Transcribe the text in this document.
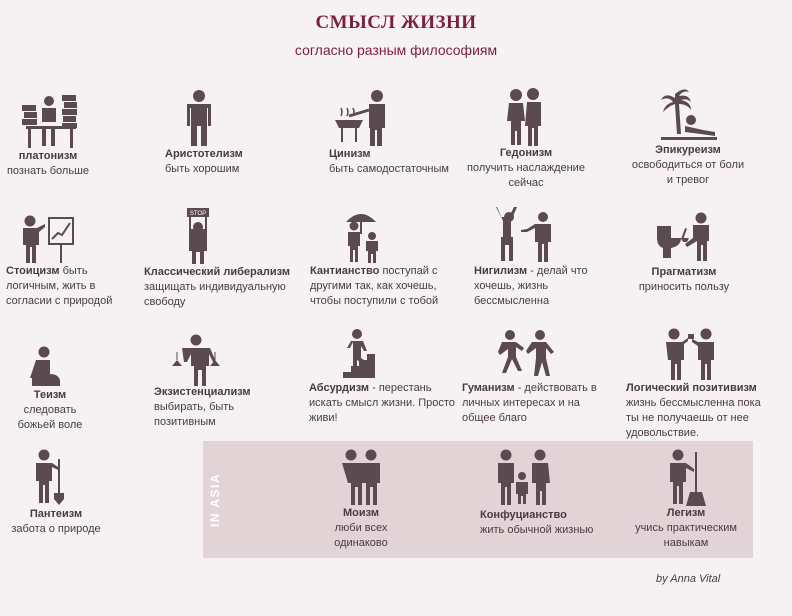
СМЫСЛ ЖИЗНИ
согласно разным философиям
IN ASIA
платонизм
познать больше
Аристотелизм
быть хорошим
Цинизм
быть самодостаточным
Гедонизм
получить наслаждение сейчас
Эпикуреизм
освободиться от боли и тревог
Стоицизм быть логичным, жить в согласии с природой
STOP
Классический либерализм
защищать индивидуальную свободу
Кантианство поступай с другими так, как хочешь, чтобы поступили с тобой
Нигилизм - делай что хочешь, жизнь бессмысленна
Прагматизм
приносить пользу
Теизм
следовать божьей воле
Экзистенциализм
выбирать, быть позитивным
Абсурдизм - перестань искать смысл жизни. Просто живи!
Гуманизм - действовать в личных интересах и на общее благо
Логический позитивизм
жизнь бессмысленна пока ты не получаешь от нее удовольствие.
Пантеизм
забота о природе
Моизм
люби всех одинаково
Конфуцианство
жить обычной жизнью
Легизм
учись практическим навыкам
by Anna Vital
